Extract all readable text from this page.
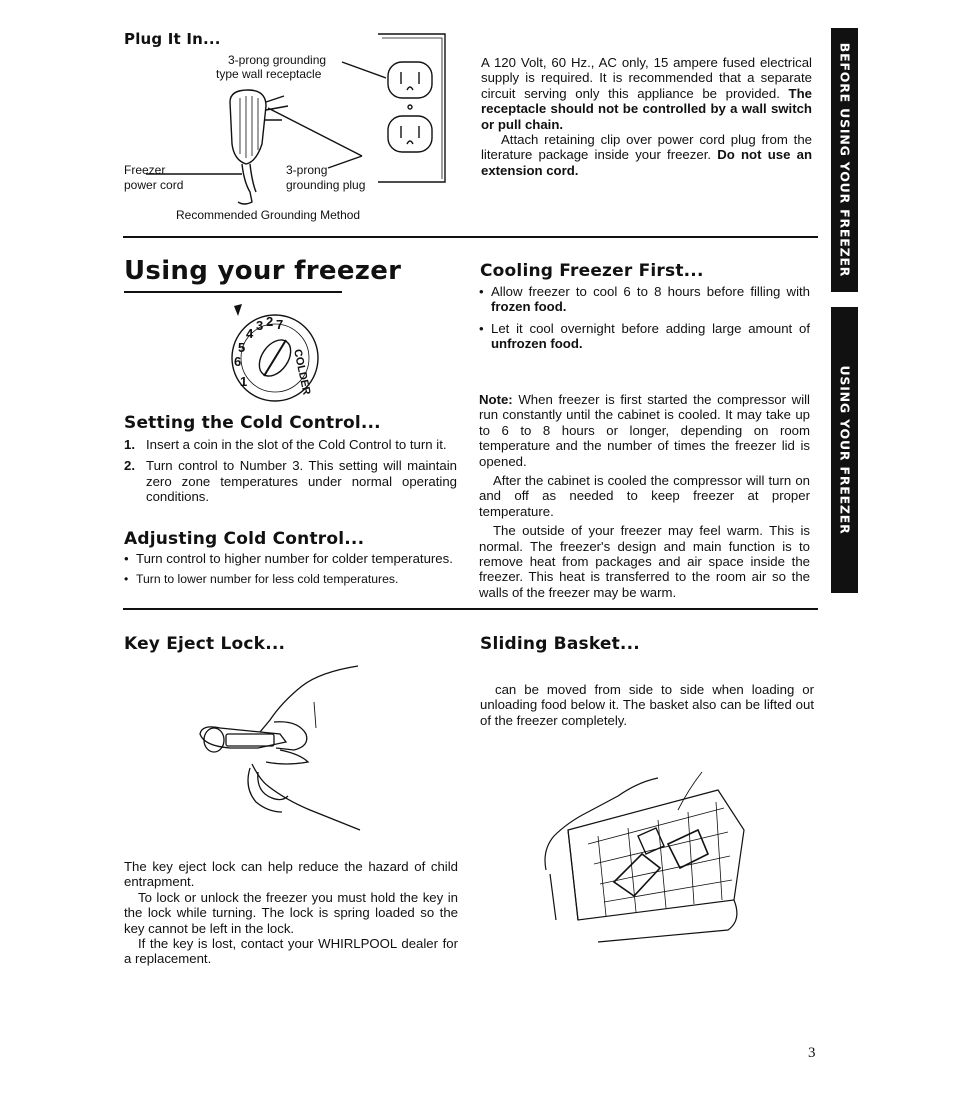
BEFORE USING YOUR FREEZER
USING YOUR FREEZER
Plug It In...
3-prong grounding
type wall receptacle
Freezer
power cord
3-prong
grounding plug
Recommended Grounding Method

A 120 Volt, 60 Hz., AC only, 15 ampere fused electrical supply is required. It is recommended that a separate circuit serving only this appliance be provided. The receptacle should not be controlled by a wall switch or pull chain.

Attach retaining clip over power cord plug from the literature package inside your freezer. Do not use an extension cord.

Using your freezer
3 2 7
4
5
6
1	COLDER
Setting the Cold Control...
1. Insert a coin in the slot of the Cold Control to turn it.
2. Turn control to Number 3. This setting will maintain zero zone temperatures under normal operating conditions.
Adjusting Cold Control...
• Turn control to higher number for colder temperatures.
• Turn to lower number for less cold temperatures.
Cooling Freezer First...
• Allow freezer to cool 6 to 8 hours before filling with frozen food.
• Let it cool overnight before adding large amount of unfrozen food.

Note: When freezer is first started the compressor will run constantly until the cabinet is cooled. It may take up to 6 to 8 hours or longer, depending on room temperature and the number of times the freezer lid is opened.

After the cabinet is cooled the compressor will turn on and off as needed to keep freezer at proper temperature.

The outside of your freezer may feel warm. This is normal. The freezer's design and main function is to remove heat from packages and air space inside the freezer. This heat is transferred to the room air so the walls of the freezer may be warm.

Key Eject Lock...

The key eject lock can help reduce the hazard of child entrapment.

To lock or unlock the freezer you must hold the key in the lock while turning. The lock is spring loaded so the key cannot be left in the lock.

If the key is lost, contact your WHIRLPOOL dealer for a replacement.

Sliding Basket...

can be moved from side to side when loading or unloading food below it. The basket also can be lifted out of the freezer completely.

3
